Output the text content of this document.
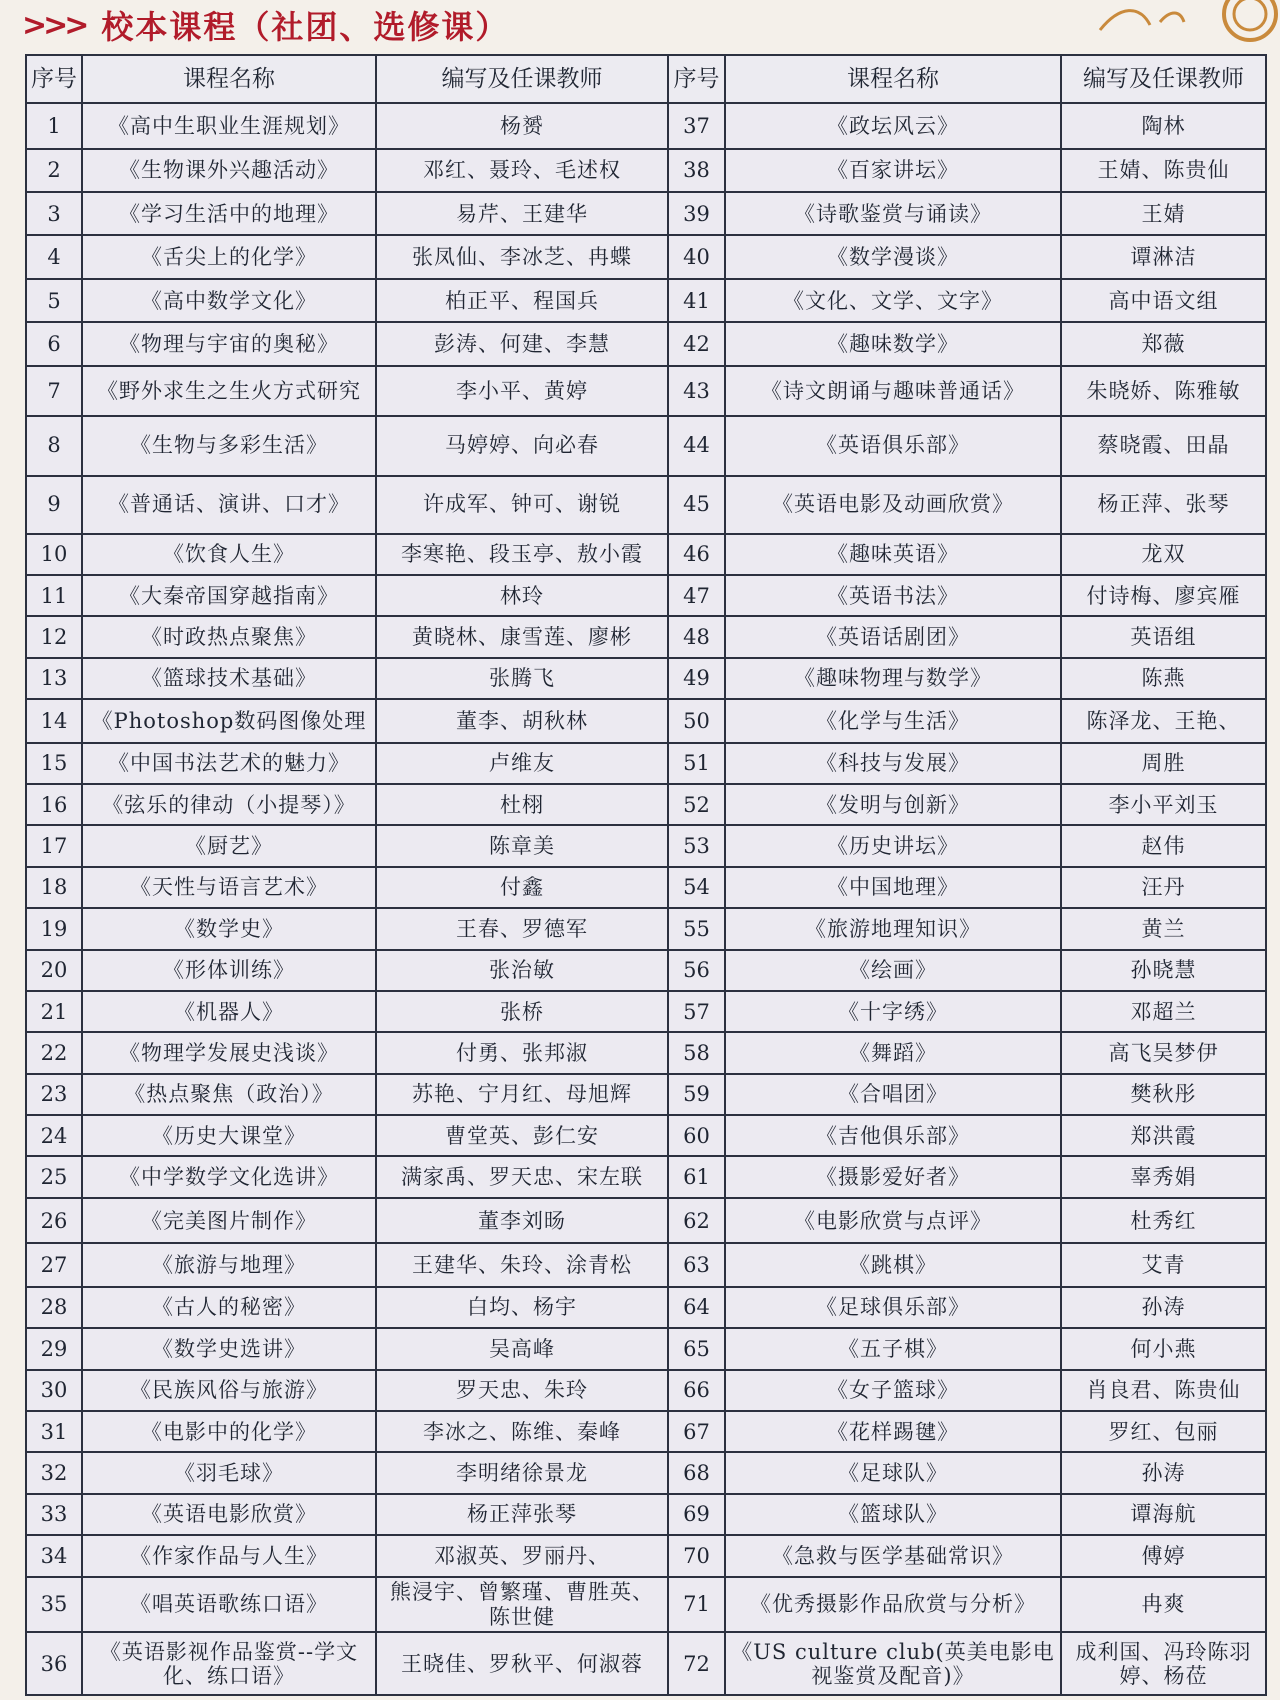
>>> 校本课程（社团、选修课）
序号	课程名称	编写及任课教师	序号	课程名称	编写及任课教师
1	《高中生职业生涯规划》	杨赟	37	《政坛风云》	陶林
2	《生物课外兴趣活动》	邓红、聂玲、毛述权	38	《百家讲坛》	王婧、陈贵仙
3	《学习生活中的地理》	易芹、王建华	39	《诗歌鉴赏与诵读》	王婧
4	《舌尖上的化学》	张凤仙、李冰芝、冉蝶	40	《数学漫谈》	谭淋洁
5	《高中数学文化》	柏正平、程国兵	41	《文化、文学、文字》	高中语文组
6	《物理与宇宙的奥秘》	彭涛、何建、李慧	42	《趣味数学》	郑薇
7	《野外求生之生火方式研究	李小平、黄婷	43	《诗文朗诵与趣味普通话》	朱晓娇、陈雅敏
8	《生物与多彩生活》	马婷婷、向必春	44	《英语俱乐部》	蔡晓霞、田晶
9	《普通话、演讲、口才》	许成军、钟可、谢锐	45	《英语电影及动画欣赏》	杨正萍、张琴
10	《饮食人生》	李寒艳、段玉亭、敖小霞	46	《趣味英语》	龙双
11	《大秦帝国穿越指南》	林玲	47	《英语书法》	付诗梅、廖宾雁
12	《时政热点聚焦》	黄晓林、康雪莲、廖彬	48	《英语话剧团》	英语组
13	《篮球技术基础》	张腾飞	49	《趣味物理与数学》	陈燕
14	《Photoshop数码图像处理	董李、胡秋林	50	《化学与生活》	陈泽龙、王艳、
15	《中国书法艺术的魅力》	卢维友	51	《科技与发展》	周胜
16	《弦乐的律动（小提琴）》	杜栩	52	《发明与创新》	李小平刘玉
17	《厨艺》	陈章美	53	《历史讲坛》	赵伟
18	《天性与语言艺术》	付鑫	54	《中国地理》	汪丹
19	《数学史》	王春、罗德军	55	《旅游地理知识》	黄兰
20	《形体训练》	张治敏	56	《绘画》	孙晓慧
21	《机器人》	张桥	57	《十字绣》	邓超兰
22	《物理学发展史浅谈》	付勇、张邦淑	58	《舞蹈》	高飞吴梦伊
23	《热点聚焦（政治）》	苏艳、宁月红、母旭辉	59	《合唱团》	樊秋彤
24	《历史大课堂》	曹堂英、彭仁安	60	《吉他俱乐部》	郑洪霞
25	《中学数学文化选讲》	满家禹、罗天忠、宋左联	61	《摄影爱好者》	辜秀娟
26	《完美图片制作》	董李刘旸	62	《电影欣赏与点评》	杜秀红
27	《旅游与地理》	王建华、朱玲、涂青松	63	《跳棋》	艾青
28	《古人的秘密》	白均、杨宇	64	《足球俱乐部》	孙涛
29	《数学史选讲》	吴高峰	65	《五子棋》	何小燕
30	《民族风俗与旅游》	罗天忠、朱玲	66	《女子篮球》	肖良君、陈贵仙
31	《电影中的化学》	李冰之、陈维、秦峰	67	《花样踢毽》	罗红、包丽
32	《羽毛球》	李明绪徐景龙	68	《足球队》	孙涛
33	《英语电影欣赏》	杨正萍张琴	69	《篮球队》	谭海航
34	《作家作品与人生》	邓淑英、罗丽丹、	70	《急救与医学基础常识》	傅婷
35	《唱英语歌练口语》	熊浸宇、曾繁瑾、曹胜英、陈世健	71	《优秀摄影作品欣赏与分析》	冉爽
36	《英语影视作品鉴赏--学文化、练口语》	王晓佳、罗秋平、何淑蓉	72	《US culture club(英美电影电视鉴赏及配音)》	成利国、冯玲陈羽婷、杨莅
